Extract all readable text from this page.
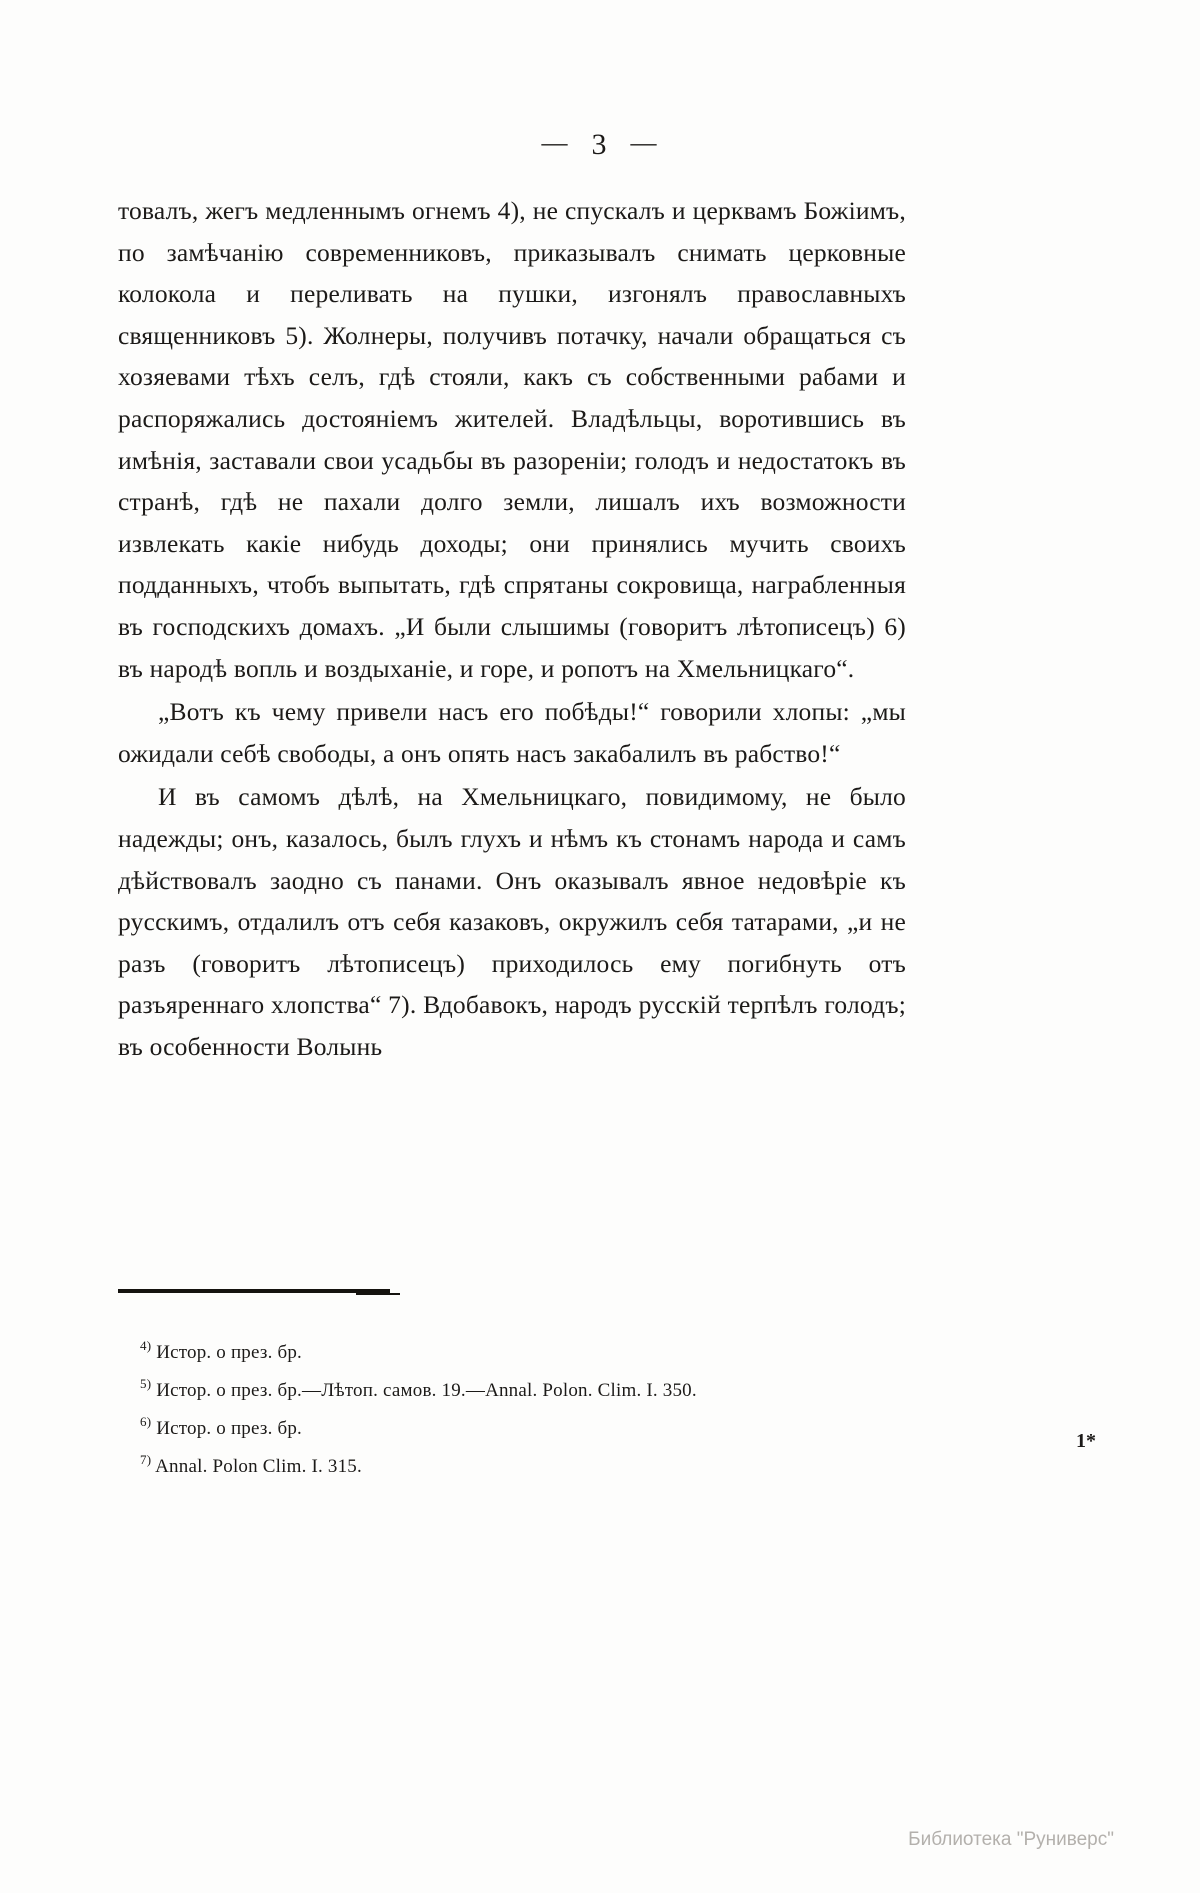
— 3 —

товалъ, жегъ медленнымъ огнемъ 4), не спускалъ и церквамъ Божіимъ, по замѣчанію современниковъ, приказывалъ снимать церковные колокола и переливать на пушки, изгонялъ православныхъ священниковъ 5). Жолнеры, получивъ потачку, начали обращаться съ хозяевами тѣхъ селъ, гдѣ стояли, какъ съ собственными рабами и распоряжались достояніемъ жителей. Владѣльцы, воротившись въ имѣнія, заставали свои усадьбы въ разореніи; голодъ и недостатокъ въ странѣ, гдѣ не пахали долго земли, лишалъ ихъ возможности извлекать какіе нибудь доходы; они принялись мучить своихъ подданныхъ, чтобъ выпытать, гдѣ спрятаны сокровища, награбленныя въ господскихъ домахъ. „И были слышимы (говоритъ лѣтописецъ) 6) въ народѣ вопль и воздыханіе, и горе, и ропотъ на Хмельницкаго“.

„Вотъ къ чему привели насъ его побѣды!“ говорили хлопы: „мы ожидали себѣ свободы, а онъ опять насъ закабалилъ въ рабство!“

И въ самомъ дѣлѣ, на Хмельницкаго, повидимому, не было надежды; онъ, казалось, былъ глухъ и нѣмъ къ стонамъ народа и самъ дѣйствовалъ заодно съ панами. Онъ оказывалъ явное недовѣріе къ русскимъ, отдалилъ отъ себя казаковъ, окружилъ себя татарами, „и не разъ (говоритъ лѣтописецъ) приходилось ему погибнуть отъ разъяреннаго хлопства“ 7). Вдобавокъ, народъ русскій терпѣлъ голодъ; въ особенности Волынь

$^{4)}$ Истор. о през. бр.
$^{5)}$ Истор. о през. бр.—Лѣтоп. самов. 19.—Annal. Polon. Clim. I. 350.
$^{6)}$ Истор. о през. бр.
$^{7)}$ Annal. Polon Clim. I. 315.
1*
Библиотека "Руниверс"
